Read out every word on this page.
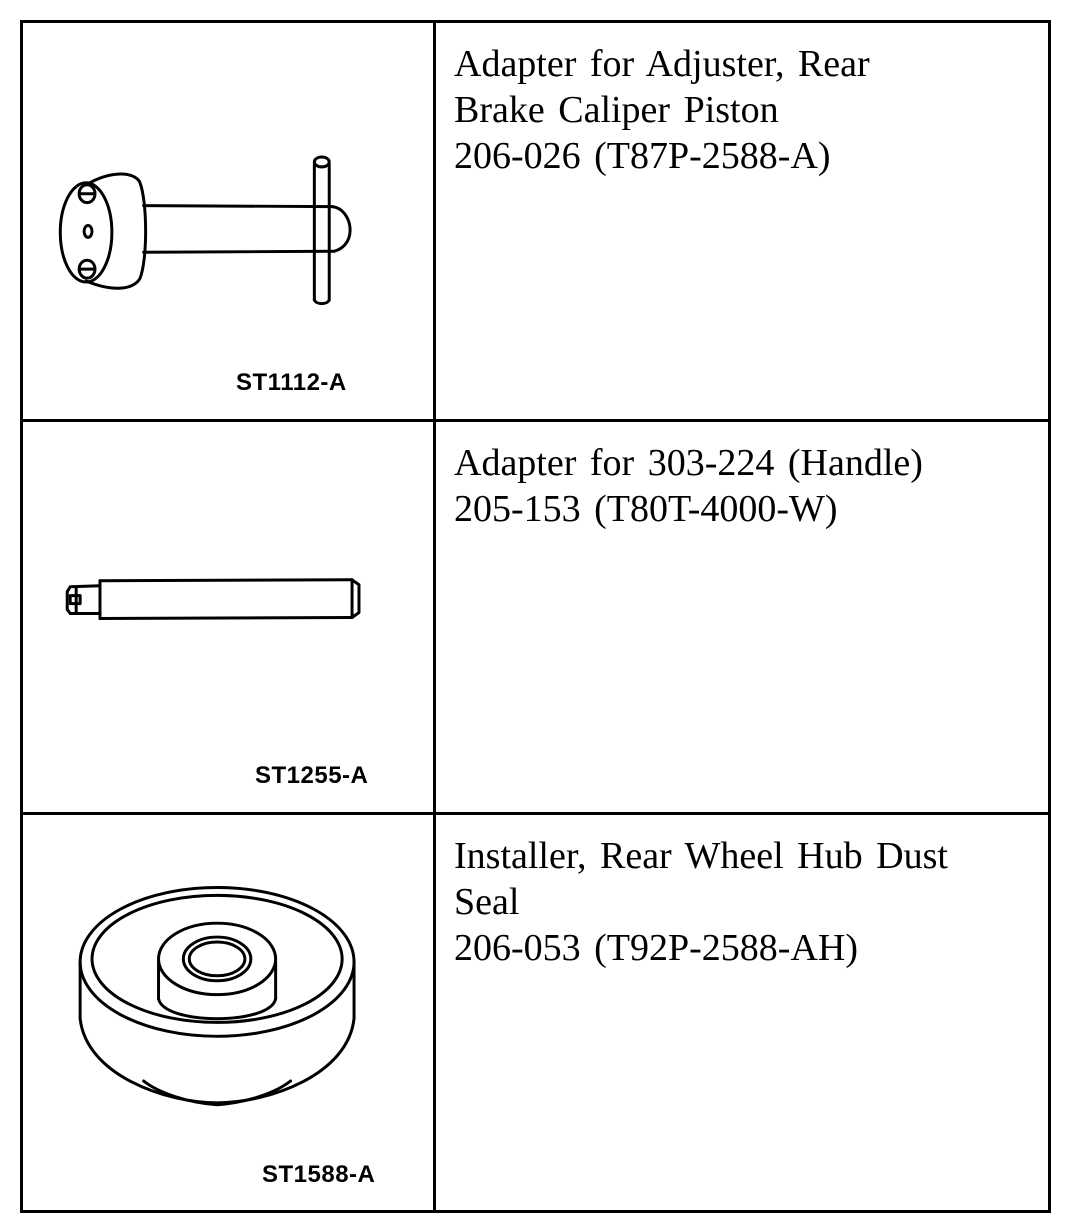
ST1112-A	Adapter for Adjuster, Rear
Brake Caliper Piston
206-026 (T87P-2588-A)

ST1255-A	Adapter for 303-224 (Handle)
205-153 (T80T-4000-W)

ST1588-A	Installer, Rear Wheel Hub Dust
Seal
206-053 (T92P-2588-AH)
